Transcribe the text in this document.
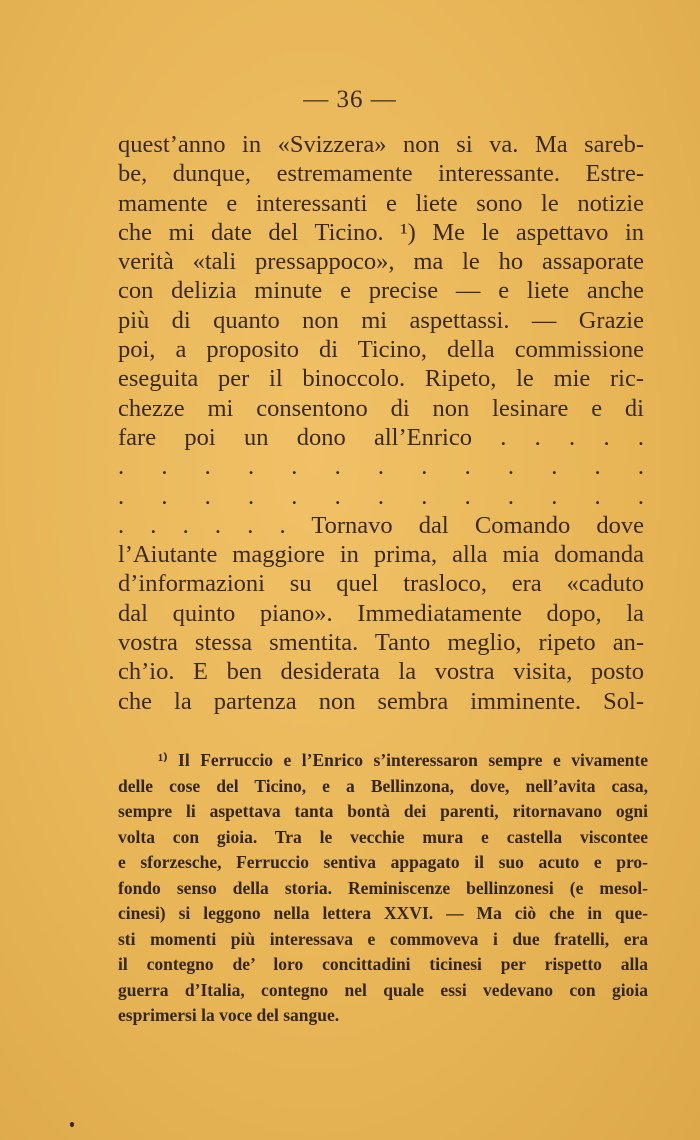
— 36 —
quest’anno in «Svizzera» non si va. Ma sareb-
be, dunque, estremamente interessante. Estre-
mamente e interessanti e liete sono le notizie
che mi date del Ticino. ¹) Me le aspettavo in
verità «tali pressappoco», ma le ho assaporate
con delizia minute e precise — e liete anche
più di quanto non mi aspettassi. — Grazie
poi, a proposito di Ticino, della commissione
eseguita per il binoccolo. Ripeto, le mie ric-
chezze mi consentono di non lesinare e di
fare poi un dono all’Enrico . . . . .
. . . . . . . . . . . . .
. . . . . . . . . . . . .
. . . . . . Tornavo dal Comando dove
l’Aiutante maggiore in prima, alla mia domanda
d’informazioni su quel trasloco, era «caduto
dal quinto piano». Immediatamente dopo, la
vostra stessa smentita. Tanto meglio, ripeto an-
ch’io. E ben desiderata la vostra visita, posto
che la partenza non sembra imminente. Sol-
¹⁾ Il Ferruccio e l’Enrico s’interessaron sempre e vivamente
delle cose del Ticino, e a Bellinzona, dove, nell’avita casa,
sempre li aspettava tanta bontà dei parenti, ritornavano ogni
volta con gioia. Tra le vecchie mura e castella viscontee
e sforzesche, Ferruccio sentiva appagato il suo acuto e pro-
fondo senso della storia. Reminiscenze bellinzonesi (e mesol-
cinesi) si leggono nella lettera XXVI. — Ma ciò che in que-
sti momenti più interessava e commoveva i due fratelli, era
il contegno de’ loro concittadini ticinesi per rispetto alla
guerra d’Italia, contegno nel quale essi vedevano con gioia
esprimersi la voce del sangue.
